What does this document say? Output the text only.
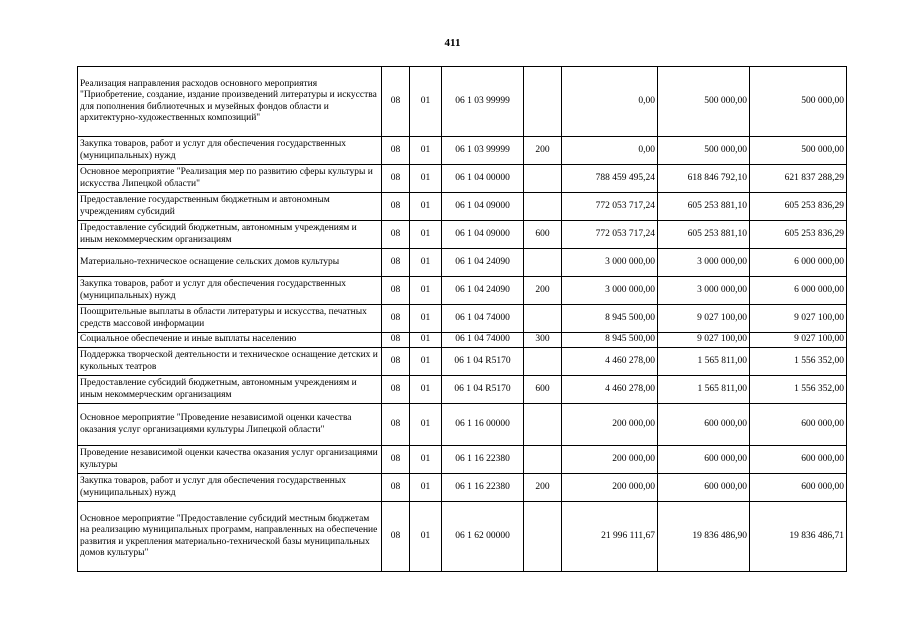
411
Реализация направления расходов основного мероприятия "Приобретение, создание, издание произведений литературы и искусства для пополнения библиотечных и музейных фондов области и архитектурно-художественных композиций"	08	01	06 1 03 99999		0,00	500 000,00	500 000,00
Закупка товаров, работ и услуг для обеспечения государственных (муниципальных) нужд	08	01	06 1 03 99999	200	0,00	500 000,00	500 000,00
Основное мероприятие "Реализация мер по развитию сферы культуры и искусства Липецкой области"	08	01	06 1 04 00000		788 459 495,24	618 846 792,10	621 837 288,29
Предоставление государственным бюджетным и автономным учреждениям субсидий	08	01	06 1 04 09000		772 053 717,24	605 253 881,10	605 253 836,29
Предоставление субсидий бюджетным, автономным учреждениям и иным некоммерческим организациям	08	01	06 1 04 09000	600	772 053 717,24	605 253 881,10	605 253 836,29
Материально-техническое оснащение сельских домов культуры	08	01	06 1 04 24090		3 000 000,00	3 000 000,00	6 000 000,00
Закупка товаров, работ и услуг для обеспечения государственных (муниципальных) нужд	08	01	06 1 04 24090	200	3 000 000,00	3 000 000,00	6 000 000,00
Поощрительные выплаты в области литературы и искусства, печатных средств массовой информации	08	01	06 1 04 74000		8 945 500,00	9 027 100,00	9 027 100,00
Социальное обеспечение и иные выплаты населению	08	01	06 1 04 74000	300	8 945 500,00	9 027 100,00	9 027 100,00
Поддержка творческой деятельности и техническое оснащение детских и кукольных театров	08	01	06 1 04 R5170		4 460 278,00	1 565 811,00	1 556 352,00
Предоставление субсидий бюджетным, автономным учреждениям и иным некоммерческим организациям	08	01	06 1 04 R5170	600	4 460 278,00	1 565 811,00	1 556 352,00
Основное мероприятие "Проведение независимой оценки качества оказания услуг организациями культуры Липецкой области"	08	01	06 1 16 00000		200 000,00	600 000,00	600 000,00
Проведение независимой оценки качества оказания услуг организациями культуры	08	01	06 1 16 22380		200 000,00	600 000,00	600 000,00
Закупка товаров, работ и услуг для обеспечения государственных (муниципальных) нужд	08	01	06 1 16 22380	200	200 000,00	600 000,00	600 000,00
Основное мероприятие "Предоставление субсидий местным бюджетам на реализацию муниципальных программ, направленных на обеспечение развития и укрепления материально-технической базы муниципальных домов культуры"	08	01	06 1 62 00000		21 996 111,67	19 836 486,90	19 836 486,71
